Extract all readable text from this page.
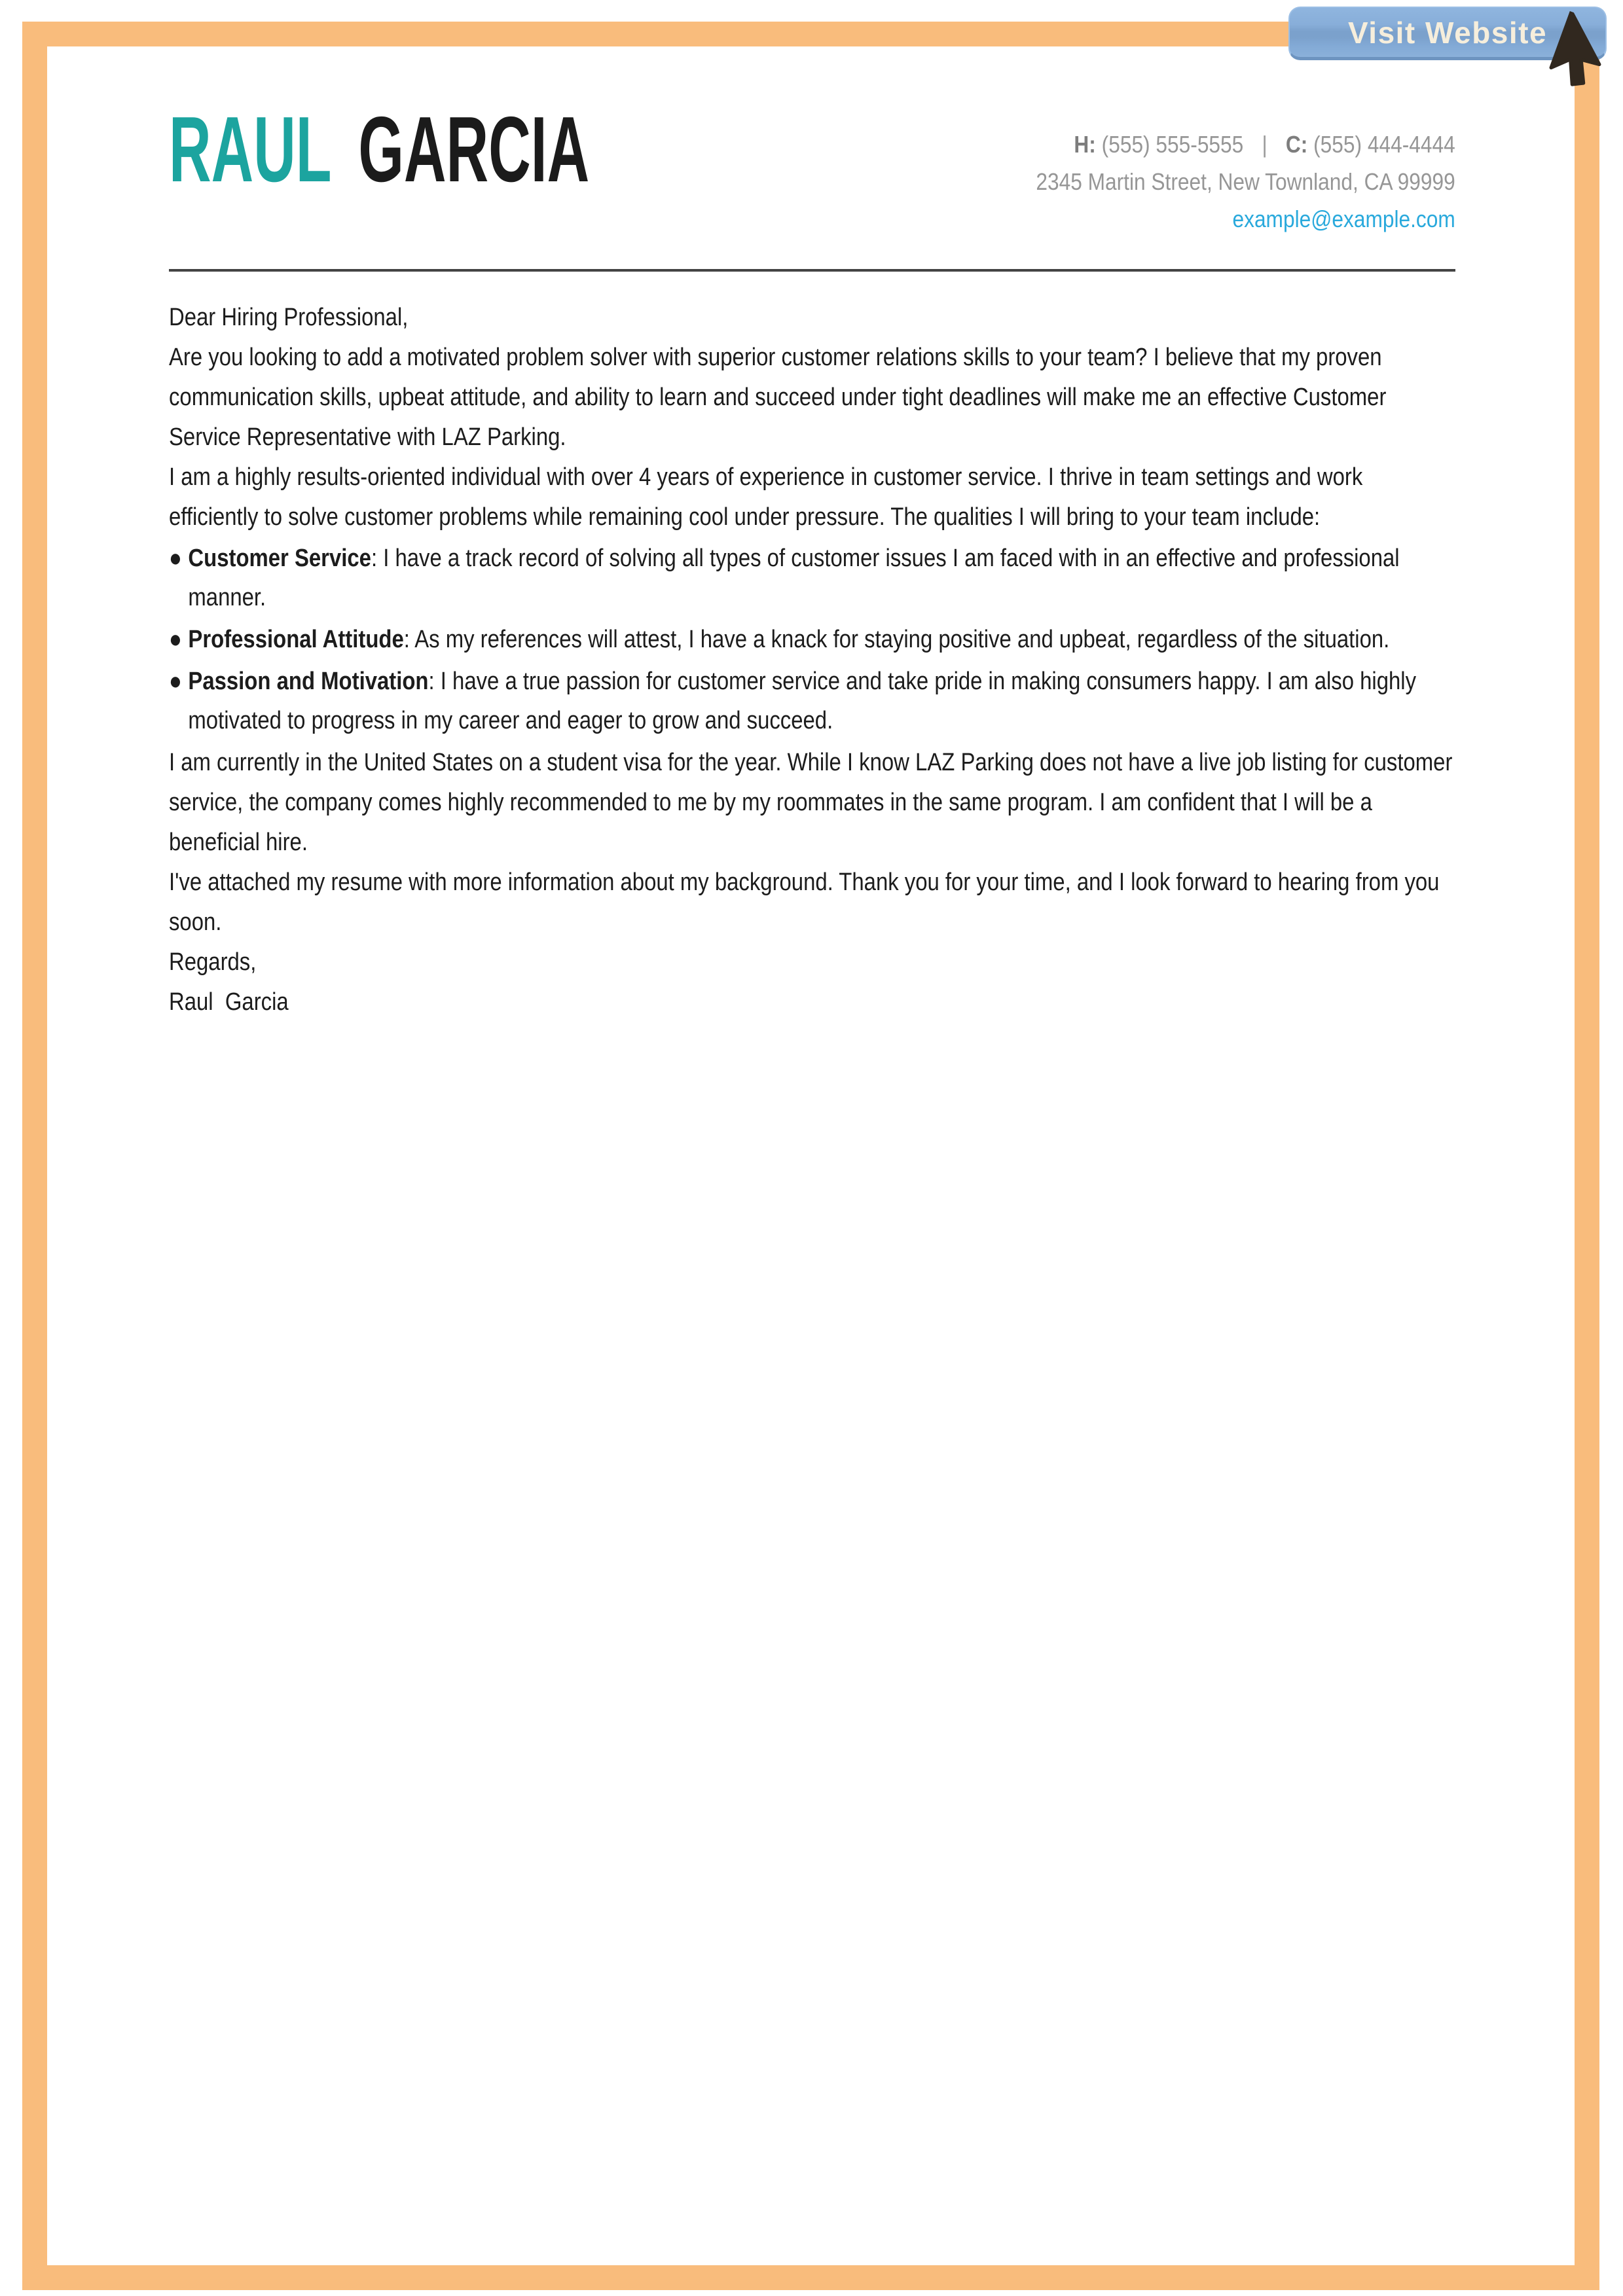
Visit Website
RAUL GARCIA	H: (555) 555-5555 | C: (555) 444-4444
2345 Martin Street, New Townland, CA 99999
example@example.com

Dear Hiring Professional,

Are you looking to add a motivated problem solver with superior customer relations skills to your team? I believe that my proven communication skills, upbeat attitude, and ability to learn and succeed under tight deadlines will make me an effective Customer Service Representative with LAZ Parking.

I am a highly results-oriented individual with over 4 years of experience in customer service. I thrive in team settings and work efficiently to solve customer problems while remaining cool under pressure. The qualities I will bring to your team include:

● Customer Service: I have a track record of solving all types of customer issues I am faced with in an effective and professional manner.
● Professional Attitude: As my references will attest, I have a knack for staying positive and upbeat, regardless of the situation.
● Passion and Motivation: I have a true passion for customer service and take pride in making consumers happy. I am also highly motivated to progress in my career and eager to grow and succeed.

I am currently in the United States on a student visa for the year. While I know LAZ Parking does not have a live job listing for customer service, the company comes highly recommended to me by my roommates in the same program. I am confident that I will be a beneficial hire.

I've attached my resume with more information about my background. Thank you for your time, and I look forward to hearing from you soon.

Regards,

Raul  Garcia
